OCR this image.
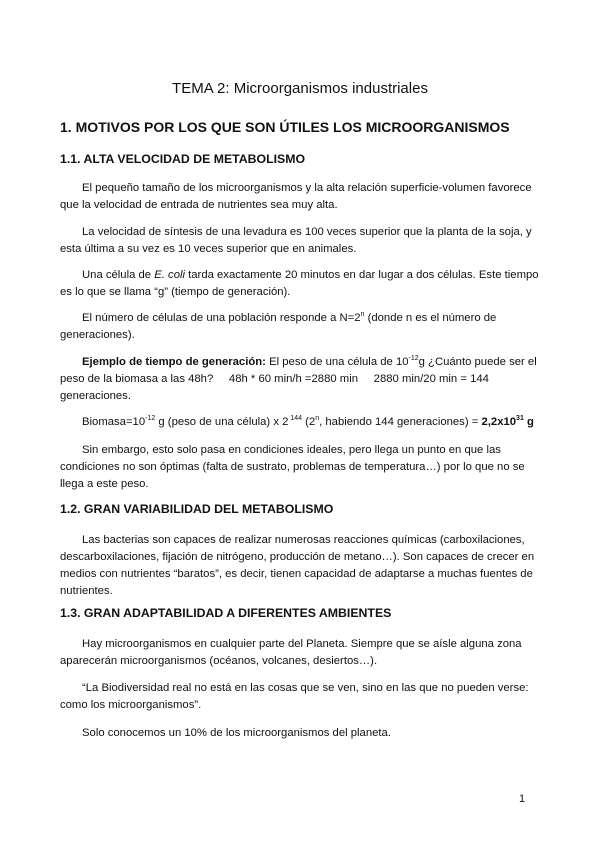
TEMA 2: Microorganismos industriales
1. MOTIVOS POR LOS QUE SON ÚTILES LOS MICROORGANISMOS
1.1. ALTA VELOCIDAD DE METABOLISMO

El pequeño tamaño de los microorganismos y la alta relación superficie-volumen favorece que la velocidad de entrada de nutrientes sea muy alta.

La velocidad de síntesis de una levadura es 100 veces superior que la planta de la soja, y esta última a su vez es 10 veces superior que en animales.

Una célula de E. coli tarda exactamente 20 minutos en dar lugar a dos células. Este tiempo es lo que se llama “g” (tiempo de generación).

El número de células de una población responde a $N=2^n$ (donde n es el número de generaciones).

Ejemplo de tiempo de generación: El peso de una célula de $10^{-12}g$ ¿Cuánto puede ser el peso de la biomasa a las 48h?     48h * 60 min/h =2880 min     2880 min/20 min = 144 generaciones.

$Biomasa=10^{-12}$ g (peso de una célula) x 2 $^{144}$ (2$^n$, habiendo 144 generaciones) = $2,2x10^{31}$ g

Sin embargo, esto solo pasa en condiciones ideales, pero llega un punto en que las condiciones no son óptimas (falta de sustrato, problemas de temperatura…) por lo que no se llega a este peso.

1.2. GRAN VARIABILIDAD DEL METABOLISMO

Las bacterias son capaces de realizar numerosas reacciones químicas (carboxilaciones, descarboxilaciones, fijación de nitrógeno, producción de metano…). Son capaces de crecer en medios con nutrientes “baratos”, es decir, tienen capacidad de adaptarse a muchas fuentes de nutrientes.

1.3. GRAN ADAPTABILIDAD A DIFERENTES AMBIENTES

Hay microorganismos en cualquier parte del Planeta. Siempre que se aísle alguna zona aparecerán microorganismos (océanos, volcanes, desiertos…).

“La Biodiversidad real no está en las cosas que se ven, sino en las que no pueden verse: como los microorganismos”.

Solo conocemos un 10% de los microorganismos del planeta.

1
